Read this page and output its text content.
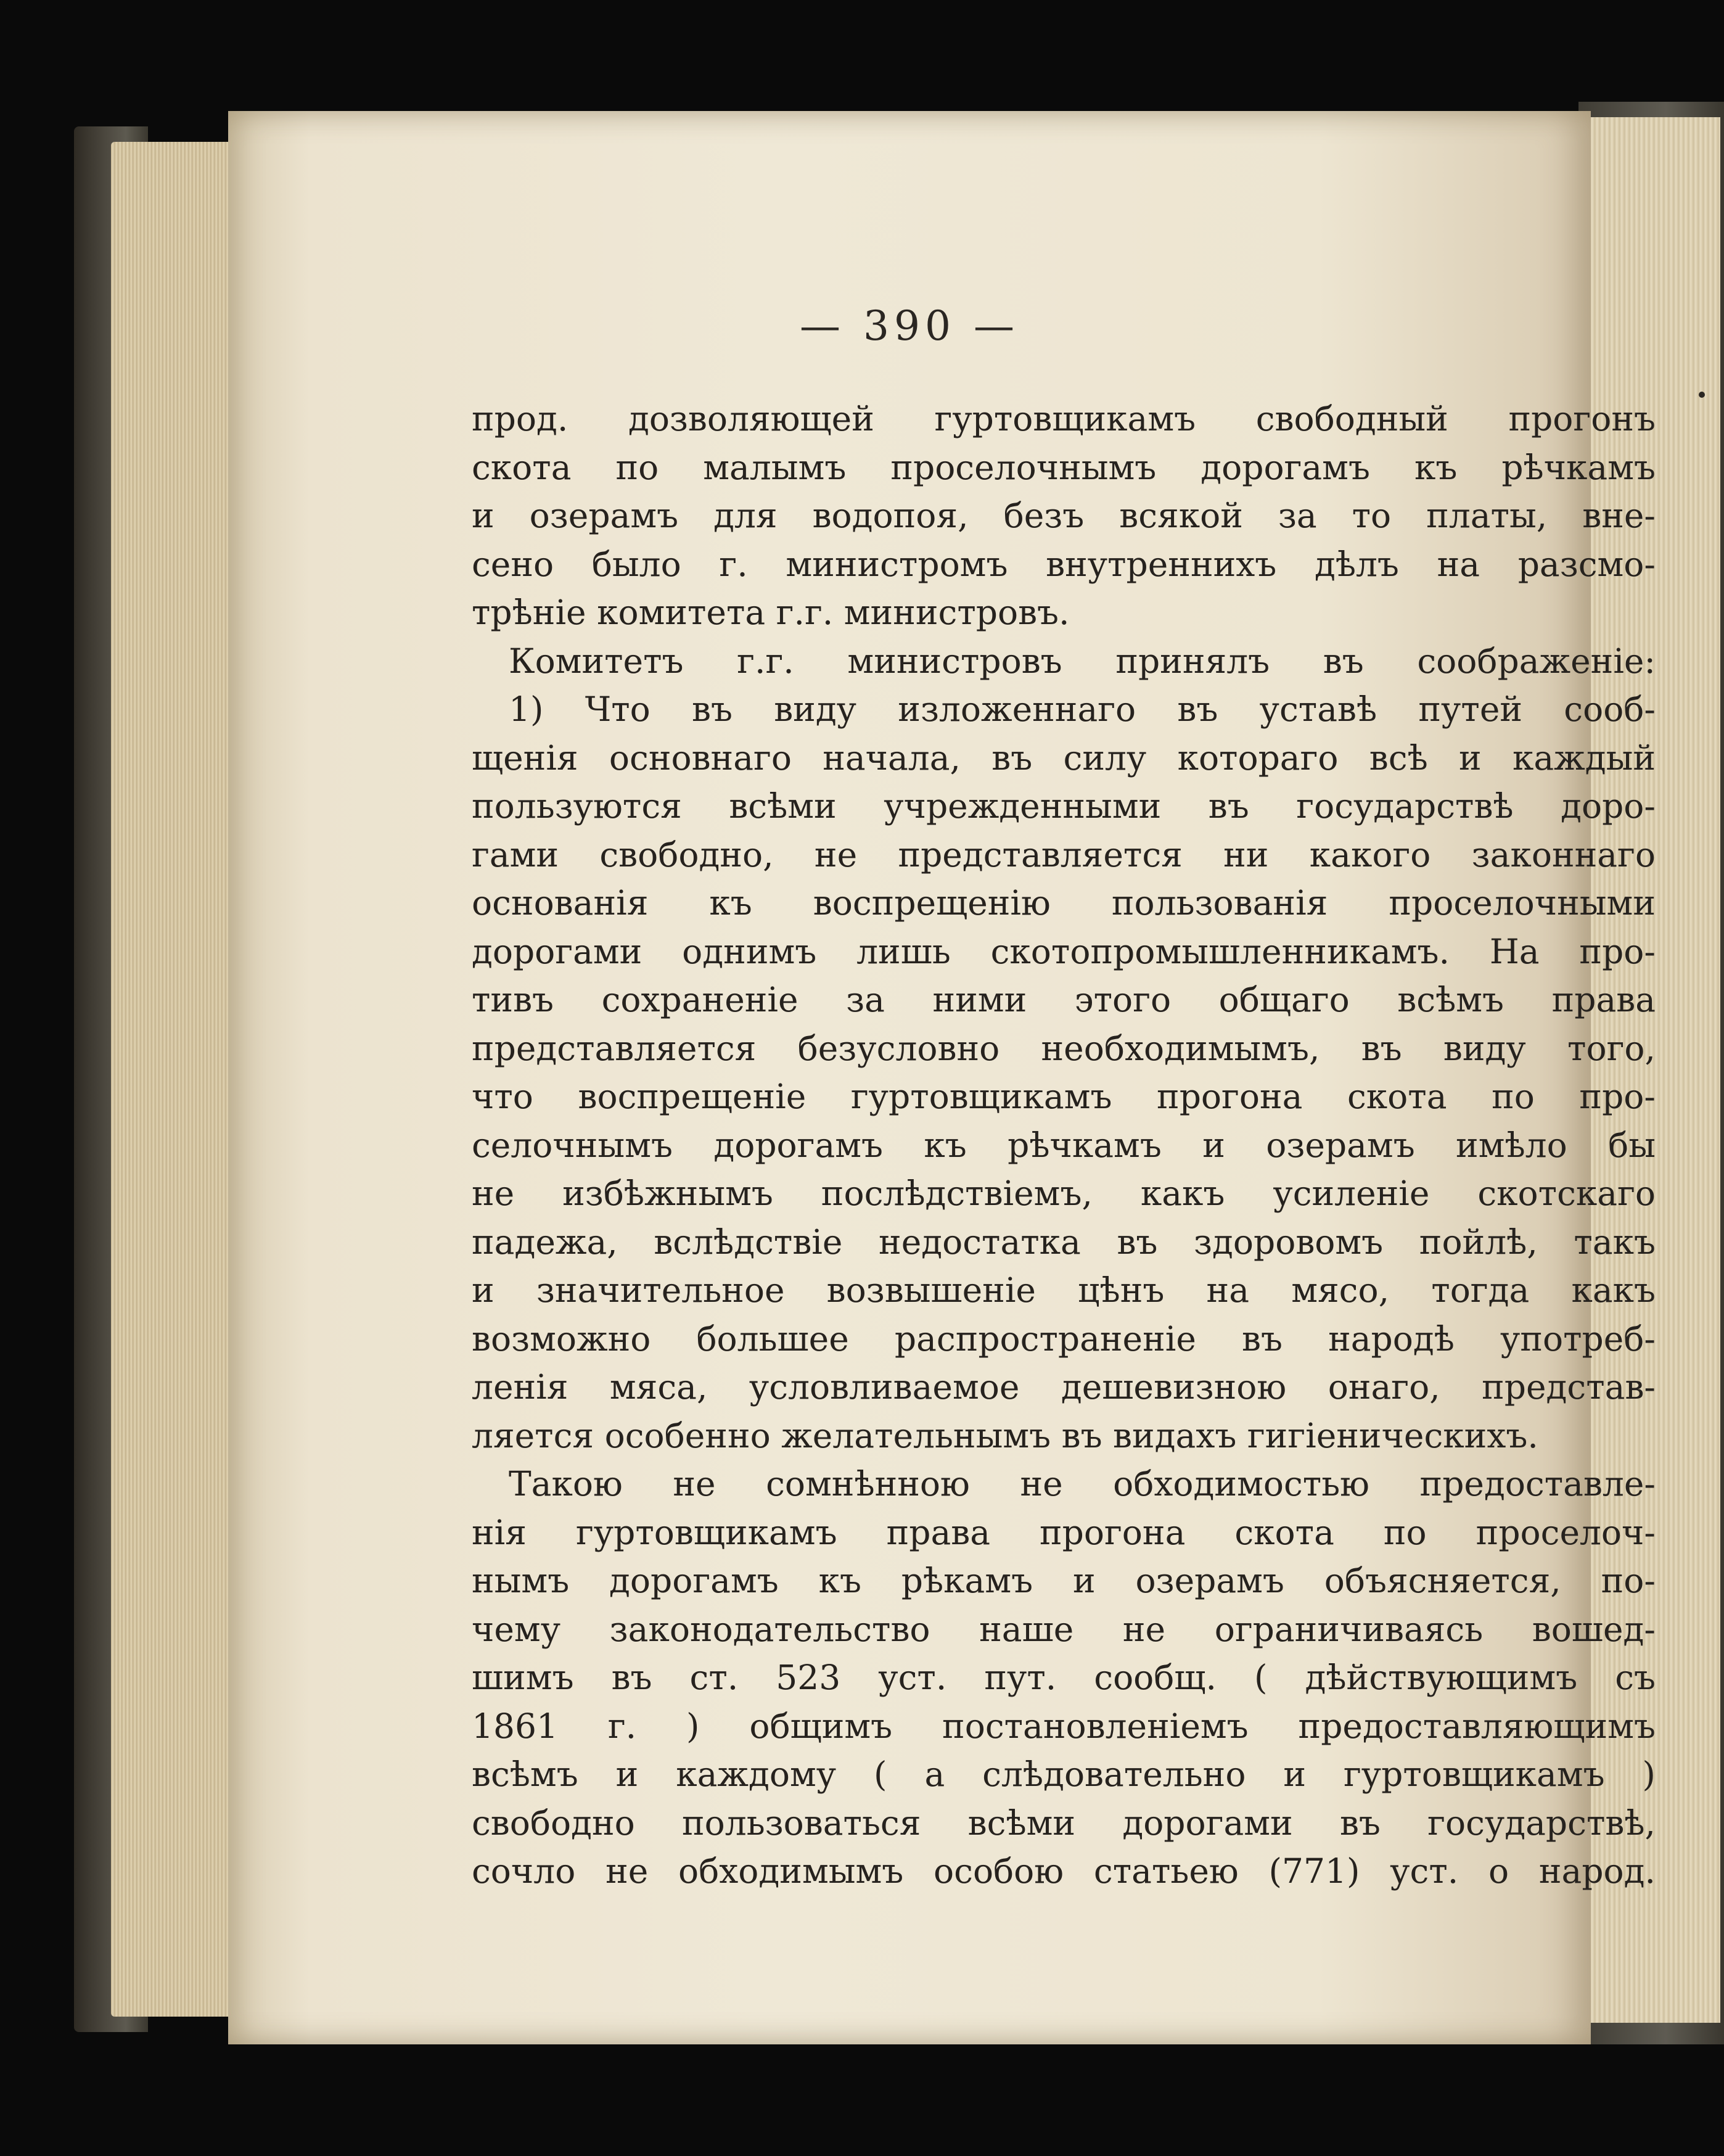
— 390 —
прод. дозволяющей гуртовщикамъ свободный прогонъ
скота по малымъ проселочнымъ дорогамъ къ рѣчкамъ
и озерамъ для водопоя, безъ всякой за то платы, вне-
сено было г. министромъ внутреннихъ дѣлъ на разсмо-
трѣніе комитета г.г. министровъ.
Комитетъ г.г. министровъ принялъ въ соображеніе:
1) Что въ виду изложеннаго въ уставѣ путей сооб-
щенія основнаго начала, въ силу котораго всѣ и каждый
пользуются всѣми учрежденными въ государствѣ доро-
гами свободно, не представляется ни какого законнаго
основанія къ воспрещенію пользованія проселочными
дорогами однимъ лишь скотопромышленникамъ. На про-
тивъ сохраненіе за ними этого общаго всѣмъ права
представляется безусловно необходимымъ, въ виду того,
что воспрещеніе гуртовщикамъ прогона скота по про-
селочнымъ дорогамъ къ рѣчкамъ и озерамъ имѣло бы
не избѣжнымъ послѣдствіемъ, какъ усиленіе скотскаго
падежа, вслѣдствіе недостатка въ здоровомъ пойлѣ, такъ
и значительное возвышеніе цѣнъ на мясо, тогда какъ
возможно большее распространеніе въ народѣ употреб-
ленія мяса, условливаемое дешевизною онаго, представ-
ляется особенно желательнымъ въ видахъ гигіеническихъ.
Такою не сомнѣнною не обходимостью предоставле-
нія гуртовщикамъ права прогона скота по проселоч-
нымъ дорогамъ къ рѣкамъ и озерамъ объясняется, по-
чему законодательство наше не ограничиваясь вошед-
шимъ въ ст. 523 уст. пут. сообщ. ( дѣйствующимъ съ
1861 г. ) общимъ постановленіемъ предоставляющимъ
всѣмъ и каждому ( а слѣдовательно и гуртовщикамъ )
свободно пользоваться всѣми дорогами въ государствѣ,
сочло не обходимымъ особою статьею (771) уст. о народ.
